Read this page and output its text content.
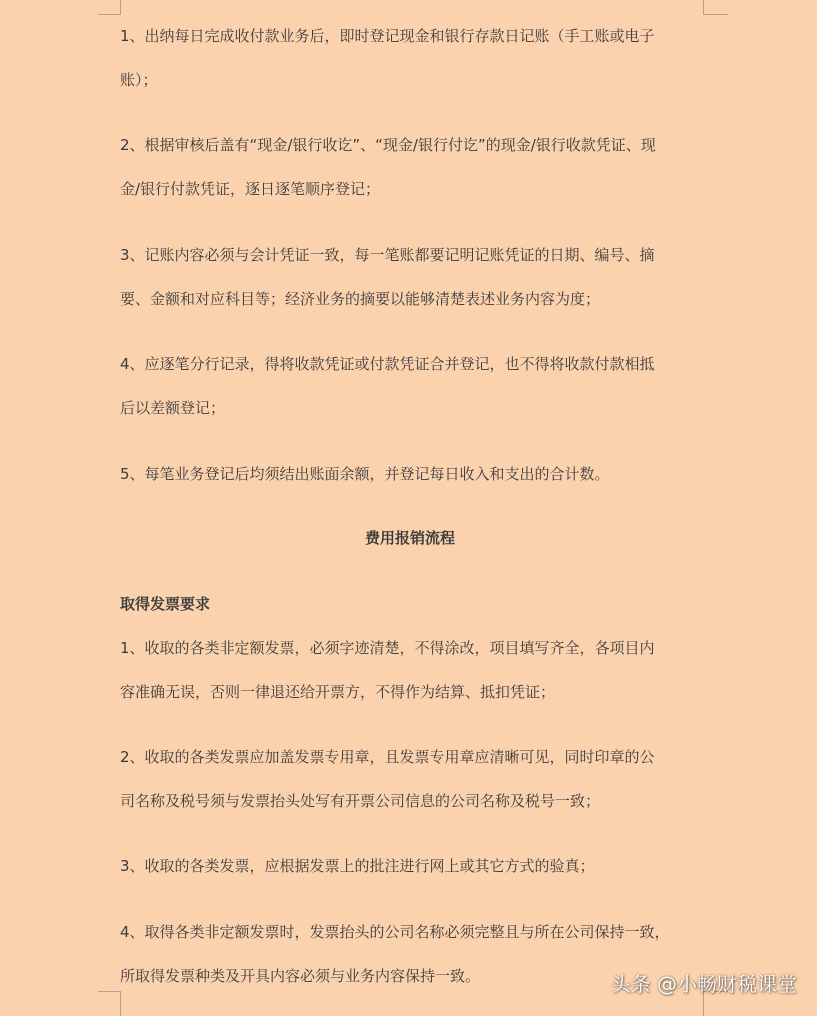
1、出纳每日完成收付款业务后，即时登记现金和银行存款日记账（手工账或电子
账）；

2、根据审核后盖有“现金/银行收讫”、“现金/银行付讫”的现金/银行收款凭证、现
金/银行付款凭证，逐日逐笔顺序登记；

3、记账内容必须与会计凭证一致，每一笔账都要记明记账凭证的日期、编号、摘
要、金额和对应科目等；经济业务的摘要以能够清楚表述业务内容为度；

4、应逐笔分行记录，得将收款凭证或付款凭证合并登记，也不得将收款付款相抵
后以差额登记；

5、每笔业务登记后均须结出账面余额，并登记每日收入和支出的合计数。

费用报销流程
取得发票要求

1、收取的各类非定额发票，必须字迹清楚，不得涂改，项目填写齐全，各项目内
容准确无误，否则一律退还给开票方，不得作为结算、抵扣凭证；

2、收取的各类发票应加盖发票专用章，且发票专用章应清晰可见，同时印章的公
司名称及税号须与发票抬头处写有开票公司信息的公司名称及税号一致；

3、收取的各类发票，应根据发票上的批注进行网上或其它方式的验真；

4、取得各类非定额发票时，发票抬头的公司名称必须完整且与所在公司保持一致，
所取得发票种类及开具内容必须与业务内容保持一致。	头条 @小畅财税课堂
